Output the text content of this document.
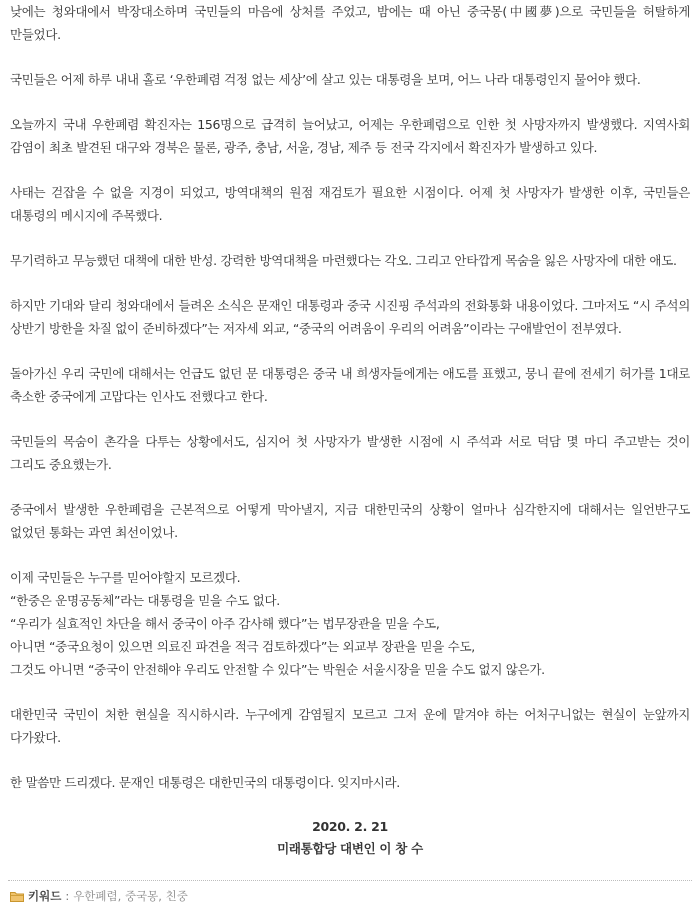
낮에는 청와대에서 박장대소하며 국민들의 마음에 상처를 주었고, 밤에는 때 아닌 중국몽(中國夢)으로 국민들을 허탈하게 만들었다.

국민들은 어제 하루 내내 홀로 ‘우한폐렴 걱정 없는 세상’에 살고 있는 대통령을 보며, 어느 나라 대통령인지 물어야 했다.

오늘까지 국내 우한폐렴 확진자는 156명으로 급격히 늘어났고, 어제는 우한폐렴으로 인한 첫 사망자까지 발생했다. 지역사회 감염이 최초 발견된 대구와 경북은 물론, 광주, 충남, 서울, 경남, 제주 등 전국 각지에서 확진자가 발생하고 있다.

사태는 걷잡을 수 없을 지경이 되었고, 방역대책의 원점 재검토가 필요한 시점이다. 어제 첫 사망자가 발생한 이후, 국민들은 대통령의 메시지에 주목했다.

무기력하고 무능했던 대책에 대한 반성. 강력한 방역대책을 마련했다는 각오. 그리고 안타깝게 목숨을 잃은 사망자에 대한 애도.

하지만 기대와 달리 청와대에서 들려온 소식은 문재인 대통령과 중국 시진핑 주석과의 전화통화 내용이었다. 그마저도 “시 주석의 상반기 방한을 차질 없이 준비하겠다”는 저자세 외교, “중국의 어려움이 우리의 어려움”이라는 구애발언이 전부였다.

돌아가신 우리 국민에 대해서는 언급도 없던 문 대통령은 중국 내 희생자들에게는 애도를 표했고, 뭉니 끝에 전세기 허가를 1대로 축소한 중국에게 고맙다는 인사도 전했다고 한다.

국민들의 목숨이 촌각을 다투는 상황에서도, 심지어 첫 사망자가 발생한 시점에 시 주석과 서로 덕담 몇 마디 주고받는 것이 그리도 중요했는가.

중국에서 발생한 우한폐렴을 근본적으로 어떻게 막아낼지, 지금 대한민국의 상황이 얼마나 심각한지에 대해서는 일언반구도 없었던 통화는 과연 최선이었나.

이제 국민들은 누구를 믿어야할지 모르겠다.

“한중은 운명공동체”라는 대통령을 믿을 수도 없다.

“우리가 실효적인 차단을 해서 중국이 아주 감사해 했다”는 법무장관을 믿을 수도,

아니면 “중국요청이 있으면 의료진 파견을 적극 검토하겠다”는 외교부 장관을 믿을 수도,

그것도 아니면 “중국이 안전해야 우리도 안전할 수 있다”는 박원순 서울시장을 믿을 수도 없지 않은가.

대한민국 국민이 처한 현실을 직시하시라. 누구에게 감염될지 모르고 그저 운에 맡겨야 하는 어처구니없는 현실이 눈앞까지 다가왔다.

한 말씀만 드리겠다. 문재인 대통령은 대한민국의 대통령이다. 잊지마시라.

2020. 2. 21
미래통합당 대변인 이 창 수
키워드 : 우한폐렴 , 중국몽 , 친중
